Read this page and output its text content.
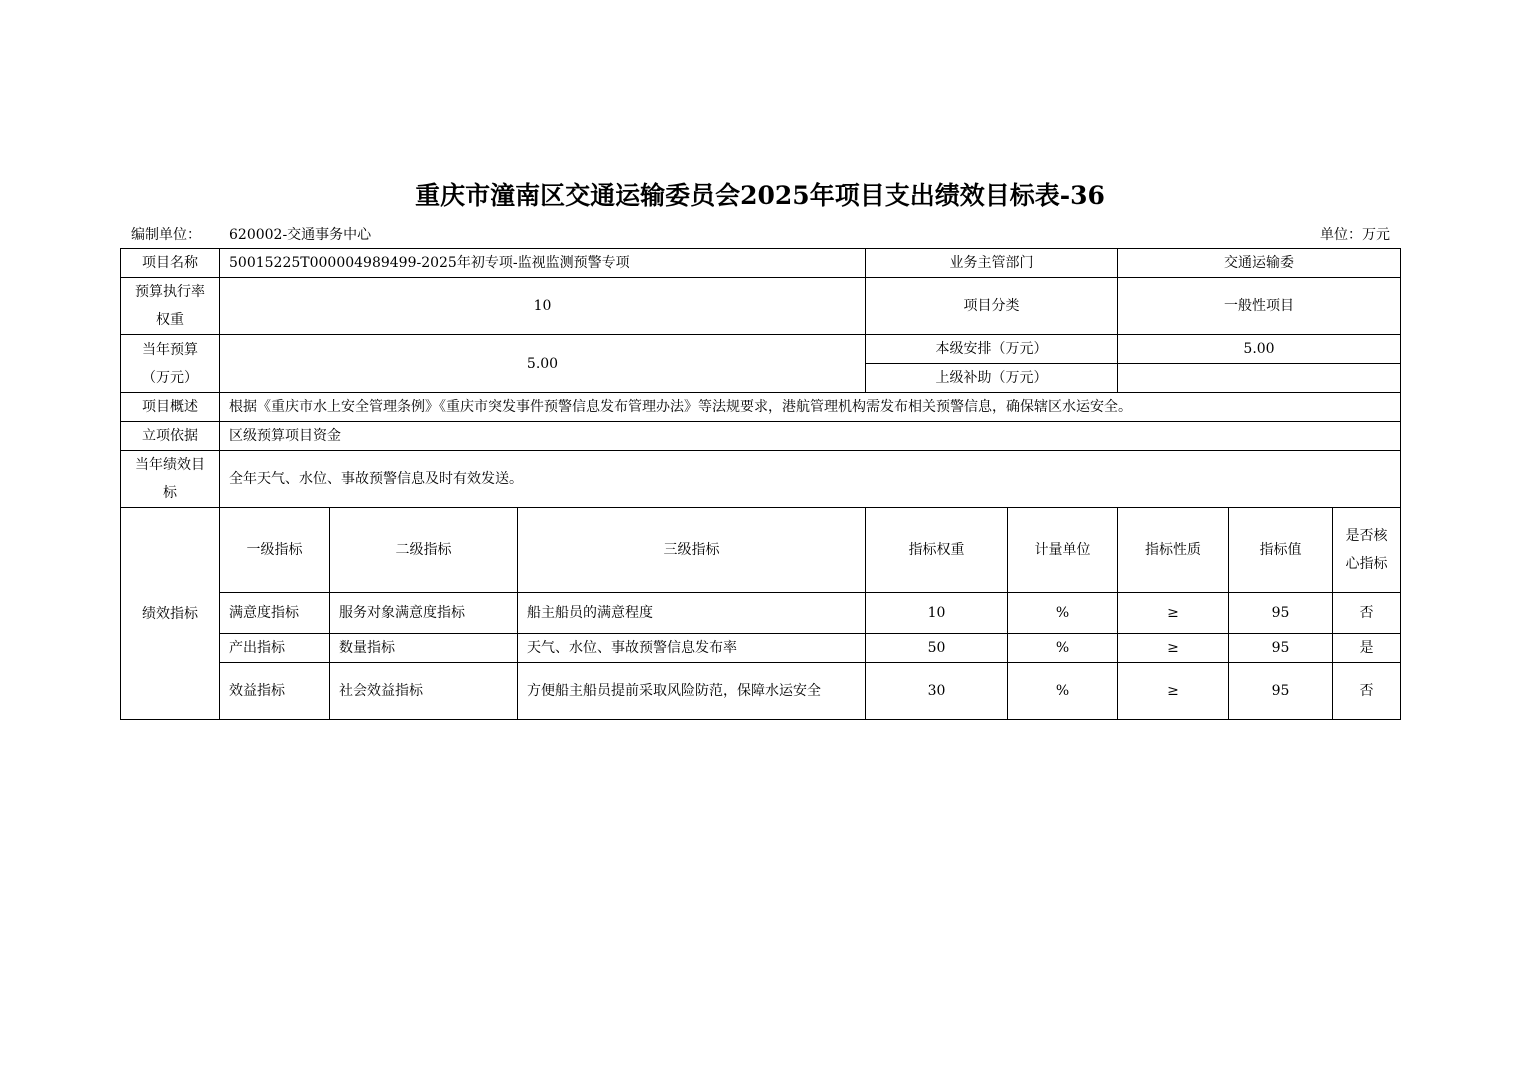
重庆市潼南区交通运输委员会2025年项目支出绩效目标表-36
编制单位： 620002-交通事务中心	单位：万元
项目名称	50015225T000004989499-2025年初专项-监视监测预警专项			业务主管部门		交通运输委		
预算执行率权重	10			项目分类		一般性项目		
当年预算（万元）	5.00			本级安排（万元）		5.00		
				上级补助（万元）				
项目概述	根据《重庆市水上安全管理条例》《重庆市突发事件预警信息发布管理办法》等法规要求，港航管理机构需发布相关预警信息，确保辖区水运安全。							
立项依据	区级预算项目资金							
当年绩效目标	全年天气、水位、事故预警信息及时有效发送。							
绩效指标	一级指标	二级指标	三级指标	指标权重	计量单位	指标性质	指标值	是否核心指标
	满意度指标	服务对象满意度指标	船主船员的满意程度	10	%	≥	95	否
	产出指标	数量指标	天气、水位、事故预警信息发布率	50	%	≥	95	是
	效益指标	社会效益指标	方便船主船员提前采取风险防范，保障水运安全	30	%	≥	95	否
